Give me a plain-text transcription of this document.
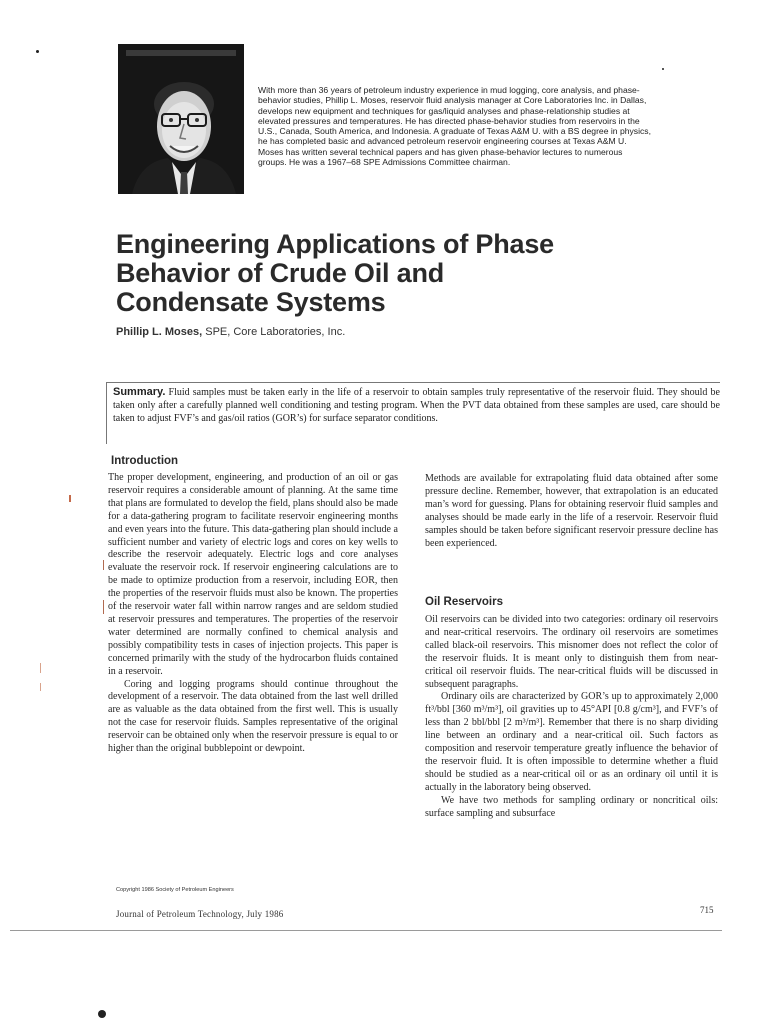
With more than 36 years of petroleum industry experience in mud logging, core analysis, and phase-behavior studies, Phillip L. Moses, reservoir fluid analysis manager at Core Laboratories Inc. in Dallas, develops new equipment and techniques for gas/liquid analyses and phase-relationship studies at elevated pressures and temperatures. He has directed phase-behavior studies from reservoirs in the U.S., Canada, South America, and Indonesia. A graduate of Texas A&M U. with a BS degree in physics, he has completed basic and advanced petroleum reservoir engineering courses at Texas A&M U. Moses has written several technical papers and has given phase-behavior lectures to numerous groups. He was a 1967–68 SPE Admissions Committee chairman.
Engineering Applications of Phase
Behavior of Crude Oil and
Condensate Systems
Phillip L. Moses, SPE, Core Laboratories, Inc.
Summary. Fluid samples must be taken early in the life of a reservoir to obtain samples truly representative of the reservoir fluid. They should be taken only after a carefully planned well conditioning and testing program. When the PVT data obtained from these samples are used, care should be taken to adjust FVF’s and gas/oil ratios (GOR’s) for surface separator conditions.
Introduction

The proper development, engineering, and production of an oil or gas reservoir requires a considerable amount of planning. At the same time that plans are formulated to develop the field, plans should also be made for a data-gathering program to facilitate reservoir engineering months and even years into the future. This data-gathering plan should include a sufficient number and variety of electric logs and cores on key wells to describe the reservoir adequately. Electric logs and core analyses evaluate the reservoir rock. If reservoir engineering calculations are to be made to optimize production from a reservoir, including EOR, then the properties of the reservoir fluids must also be known. The properties of the reservoir water fall within narrow ranges and are seldom studied at reservoir pressures and temperatures. The properties of the reservoir water determined are normally confined to chemical analysis and possibly compatibility tests in cases of injection projects. This paper is concerned primarily with the study of the hydrocarbon fluids contained in a reservoir.

Coring and logging programs should continue throughout the development of a reservoir. The data obtained from the last well drilled are as valuable as the data obtained from the first well. This is usually not the case for reservoir fluids. Samples representative of the original reservoir can be obtained only when the reservoir pressure is equal to or higher than the original bubblepoint or dewpoint.

Methods are available for extrapolating fluid data obtained after some pressure decline. Remember, however, that extrapolation is an educated man’s word for guessing. Plans for obtaining reservoir fluid samples and analyses should be made early in the life of a reservoir. Reservoir fluid samples should be taken before significant reservoir pressure decline has been experienced.

Oil Reservoirs

Oil reservoirs can be divided into two categories: ordinary oil reservoirs and near-critical reservoirs. The ordinary oil reservoirs are sometimes called black-oil reservoirs. This misnomer does not reflect the color of the reservoir fluids. It is meant only to distinguish them from near-critical oil reservoir fluids. The near-critical fluids will be discussed in subsequent paragraphs.

Ordinary oils are characterized by GOR’s up to approximately 2,000 ft³/bbl [360 m³/m³], oil gravities up to 45°API [0.8 g/cm³], and FVF’s of less than 2 bbl/bbl [2 m³/m³]. Remember that there is no sharp dividing line between an ordinary and a near-critical oil. Such factors as composition and reservoir temperature greatly influence the behavior of the reservoir fluid. It is often impossible to determine whether a fluid should be studied as a near-critical oil or as an ordinary oil until it is actually in the laboratory being observed.

We have two methods for sampling ordinary or noncritical oils: surface sampling and subsurface

Copyright 1986 Society of Petroleum Engineers
Journal of Petroleum Technology, July 1986	715
